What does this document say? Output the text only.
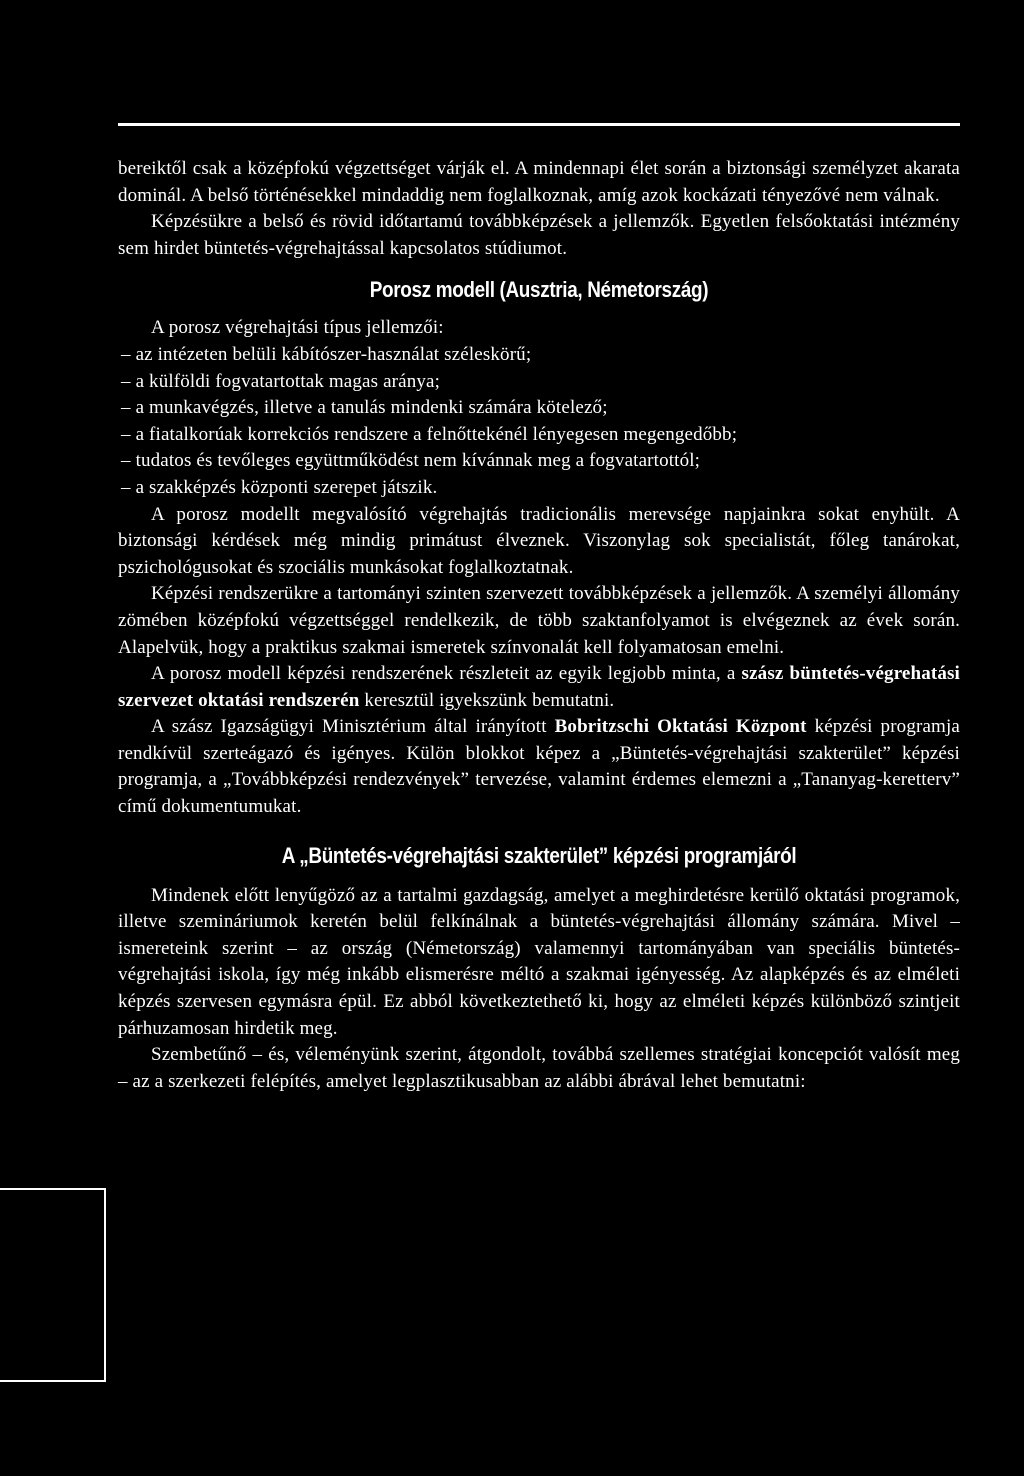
bereiktől csak a középfokú végzettséget várják el. A mindennapi élet során a biztonsági személyzet akarata dominál. A belső történésekkel mindaddig nem foglalkoznak, amíg azok kockázati tényezővé nem válnak.

Képzésükre a belső és rövid időtartamú továbbképzések a jellemzők. Egyetlen felsőoktatási intézmény sem hirdet büntetés-végrehajtással kapcsolatos stúdiumot.

Porosz modell (Ausztria, Németország)

A porosz végrehajtási típus jellemzői:

– az intézeten belüli kábítószer-használat széleskörű;
– a külföldi fogvatartottak magas aránya;
– a munkavégzés, illetve a tanulás mindenki számára kötelező;
– a fiatalkorúak korrekciós rendszere a felnőttekénél lényegesen megengedőbb;
– tudatos és tevőleges együttműködést nem kívánnak meg a fogvatartottól;
– a szakképzés központi szerepet játszik.

A porosz modellt megvalósító végrehajtás tradicionális merevsége napjainkra sokat enyhült. A biztonsági kérdések még mindig primátust élveznek. Viszonylag sok specialistát, főleg tanárokat, pszichológusokat és szociális munkásokat foglalkoztatnak.

Képzési rendszerükre a tartományi szinten szervezett továbbképzések a jellemzők. A személyi állomány zömében középfokú végzettséggel rendelkezik, de több szaktanfolyamot is elvégeznek az évek során. Alapelvük, hogy a praktikus szakmai ismeretek színvonalát kell folyamatosan emelni.

A porosz modell képzési rendszerének részleteit az egyik legjobb minta, a szász büntetés-végrehatási szervezet oktatási rendszerén keresztül igyekszünk bemutatni.

A szász Igazságügyi Minisztérium által irányított Bobritzschi Oktatási Központ képzési programja rendkívül szerteágazó és igényes. Külön blokkot képez a „Büntetés-végrehajtási szakterület” képzési programja, a „Továbbképzési rendezvények” tervezése, valamint érdemes elemezni a „Tananyag-keretterv” című dokumentumukat.

A „Büntetés-végrehajtási szakterület” képzési programjáról

Mindenek előtt lenyűgöző az a tartalmi gazdagság, amelyet a meghirdetésre kerülő oktatási programok, illetve szemináriumok keretén belül felkínálnak a büntetés-végrehajtási állomány számára. Mivel – ismereteink szerint – az ország (Németország) valamennyi tartományában van speciális büntetés-végrehajtási iskola, így még inkább elismerésre méltó a szakmai igényesség. Az alapképzés és az elméleti képzés szervesen egymásra épül. Ez abból következtethető ki, hogy az elméleti képzés különböző szintjeit párhuzamosan hirdetik meg.

Szembetűnő – és, véleményünk szerint, átgondolt, továbbá szellemes stratégiai koncepciót valósít meg – az a szerkezeti felépítés, amelyet legplasztikusabban az alábbi ábrával lehet bemutatni:
